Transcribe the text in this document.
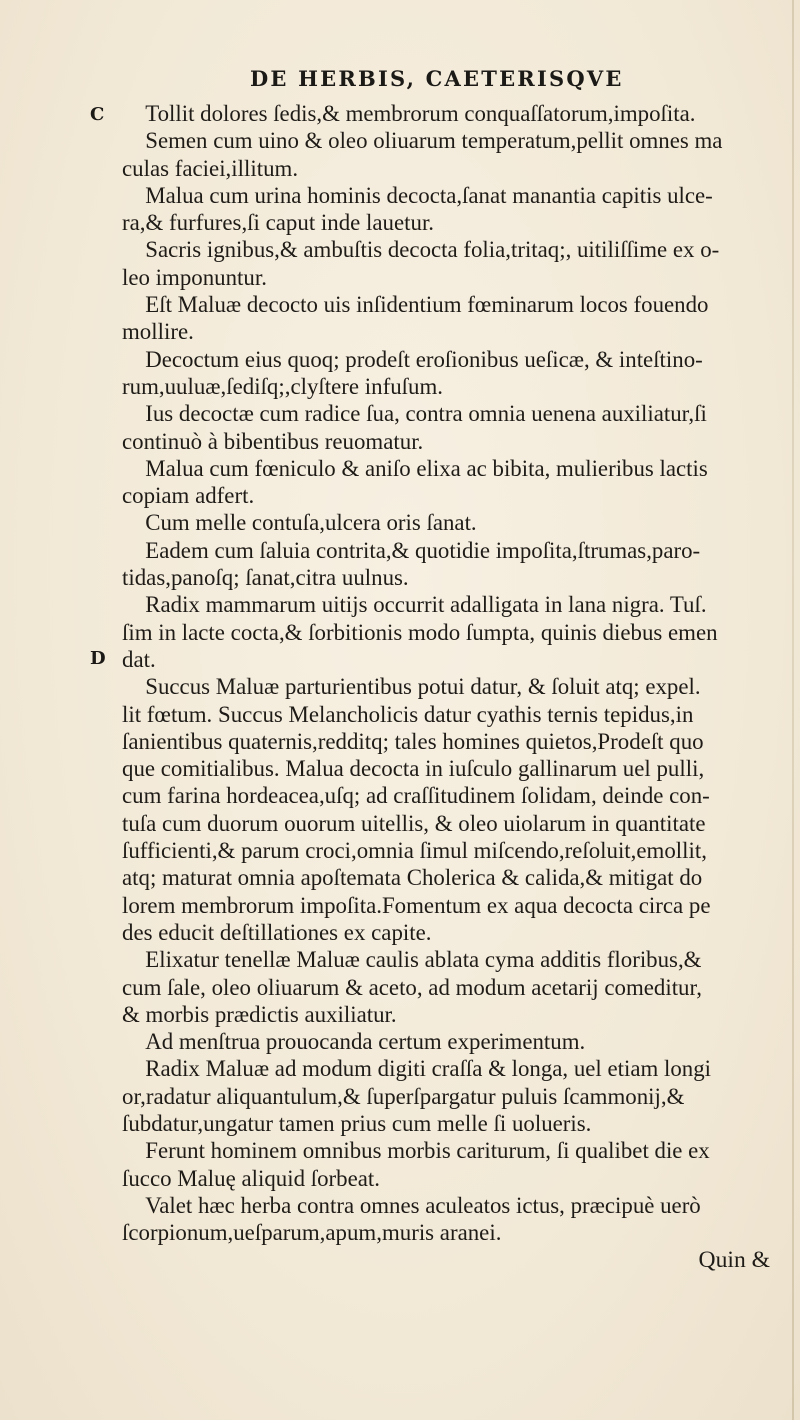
DE HERBIS, CAETERISQVE
C
D
Tollit dolores ſedis,& membrorum conquaſſatorum,impoſita.
Semen cum uino & oleo oliuarum temperatum,pellit omnes ma
culas faciei,illitum.
Malua cum urina hominis decocta,ſanat manantia capitis ulce-
ra,& furfures,ſi caput inde lauetur.
Sacris ignibus,& ambuſtis decocta folia,tritaq;, uitiliſſime ex o-
leo imponuntur.
Eſt Maluæ decocto uis inſidentium fœminarum locos fouendo
mollire.
Decoctum eius quoq; prodeſt eroſionibus ueſicæ, & inteſtino-
rum,uuluæ,ſediſq;,clyſtere infuſum.
Ius decoctæ cum radice ſua, contra omnia uenena auxiliatur,ſi
continuò à bibentibus reuomatur.
Malua cum fœniculo & aniſo elixa ac bibita, mulieribus lactis
copiam adfert.
Cum melle contuſa,ulcera oris ſanat.
Eadem cum ſaluia contrita,& quotidie impoſita,ſtrumas,paro-
tidas,panoſq; ſanat,citra uulnus.
Radix mammarum uitijs occurrit adalligata in lana nigra. Tuſ.
ſim in lacte cocta,& ſorbitionis modo ſumpta, quinis diebus emen
dat.
Succus Maluæ parturientibus potui datur, & ſoluit atq; expel.
lit fœtum. Succus Melancholicis datur cyathis ternis tepidus,in
ſanientibus quaternis,redditq; tales homines quietos,Prodeſt quo
que comitialibus. Malua decocta in iuſculo gallinarum uel pulli,
cum farina hordeacea,uſq; ad craſſitudinem ſolidam, deinde con-
tuſa cum duorum ouorum uitellis, & oleo uiolarum in quantitate
ſufficienti,& parum croci,omnia ſimul miſcendo,reſoluit,emollit,
atq; maturat omnia apoſtemata Cholerica & calida,& mitigat do
lorem membrorum impoſita.Fomentum ex aqua decocta circa pe
des educit deſtillationes ex capite.
Elixatur tenellæ Maluæ caulis ablata cyma additis floribus,&
cum ſale, oleo oliuarum & aceto, ad modum acetarij comeditur,
& morbis prædictis auxiliatur.
Ad menſtrua prouocanda certum experimentum.
Radix Maluæ ad modum digiti craſſa & longa, uel etiam longi
or,radatur aliquantulum,& ſuperſpargatur puluis ſcammonij,&
ſubdatur,ungatur tamen prius cum melle ſi uolueris.
Ferunt hominem omnibus morbis cariturum, ſi qualibet die ex
ſucco Maluę aliquid ſorbeat.
Valet hæc herba contra omnes aculeatos ictus, præcipuè uerò
ſcorpionum,ueſparum,apum,muris aranei.
Quin &
